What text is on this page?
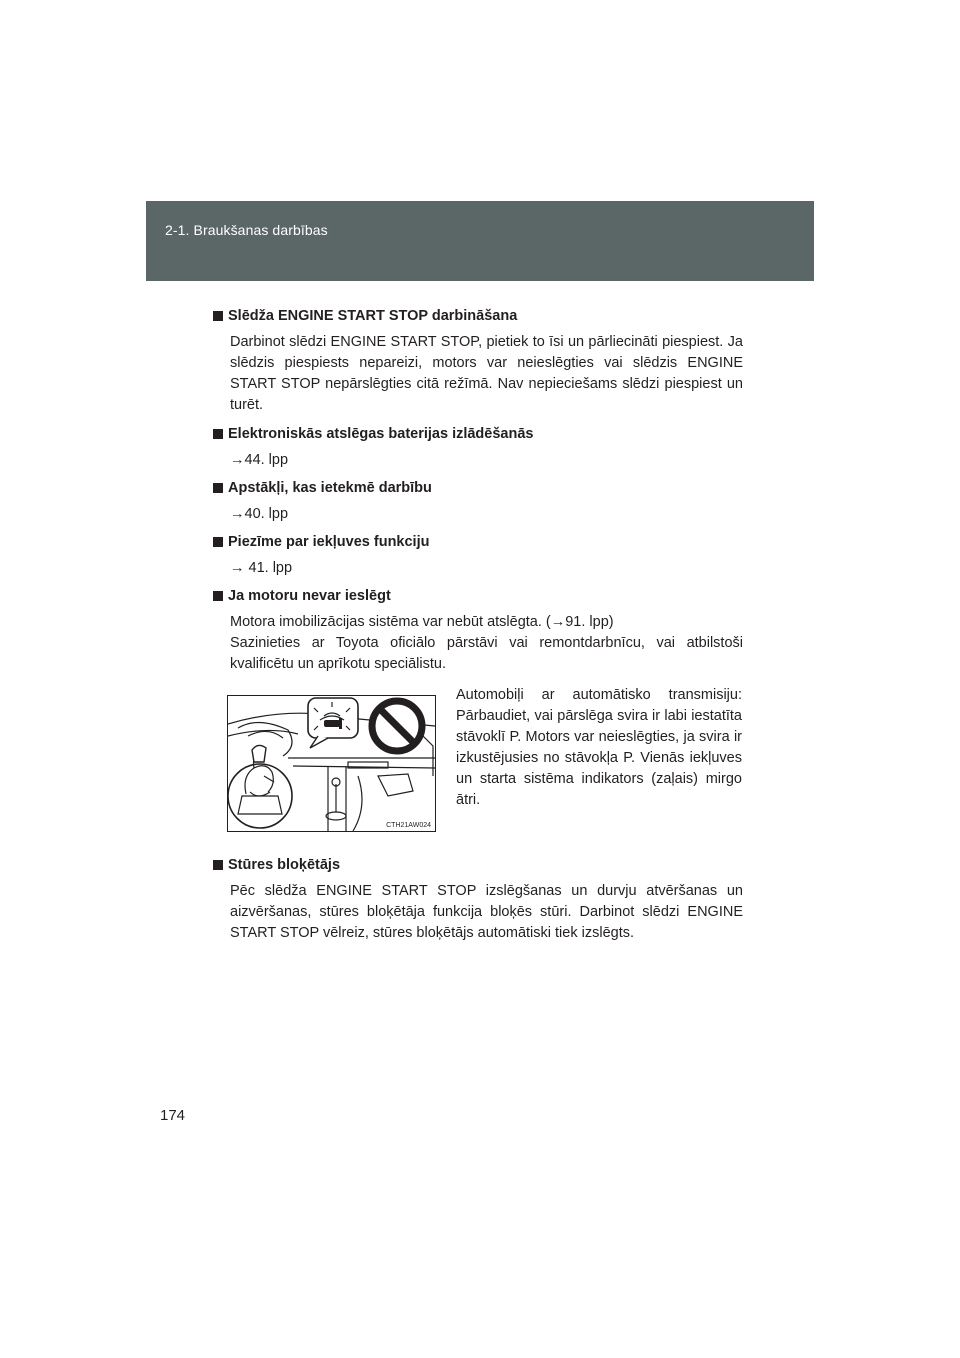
2-1. Braukšanas darbības

Slēdža ENGINE START STOP darbināšana

Darbinot slēdzi ENGINE START STOP, pietiek to īsi un pārliecināti piespiest. Ja slēdzis piespiests nepareizi, motors var neieslēgties vai slēdzis ENGINE START STOP nepārslēgties citā režīmā. Nav nepieciešams slēdzi piespiest un turēt.

Elektroniskās atslēgas baterijas izlādēšanās

→44. lpp

Apstākļi, kas ietekmē darbību

→40. lpp

Piezīme par iekļuves funkciju

→ 41. lpp

Ja motoru nevar ieslēgt

Motora imobilizācijas sistēma var nebūt atslēgta. (→91. lpp)

Sazinieties ar Toyota oficiālo pārstāvi vai remontdarbnīcu, vai atbilstoši kvalificētu un aprīkotu speciālistu.

CTH21AW024
Automobiļi ar automātisko transmisiju: Pārbaudiet, vai pārslēga svira ir labi iestatīta stāvoklī P. Motors var neieslēgties, ja svira ir izkustējusies no stāvokļa P. Vienās iekļuves un starta sistēma indikators (zaļais) mirgo ātri.

Stūres bloķētājs

Pēc slēdža ENGINE START STOP izslēgšanas un durvju atvēršanas un aizvēršanas, stūres bloķētāja funkcija bloķēs stūri. Darbinot slēdzi ENGINE START STOP vēlreiz, stūres bloķētājs automātiski tiek izslēgts.

174
